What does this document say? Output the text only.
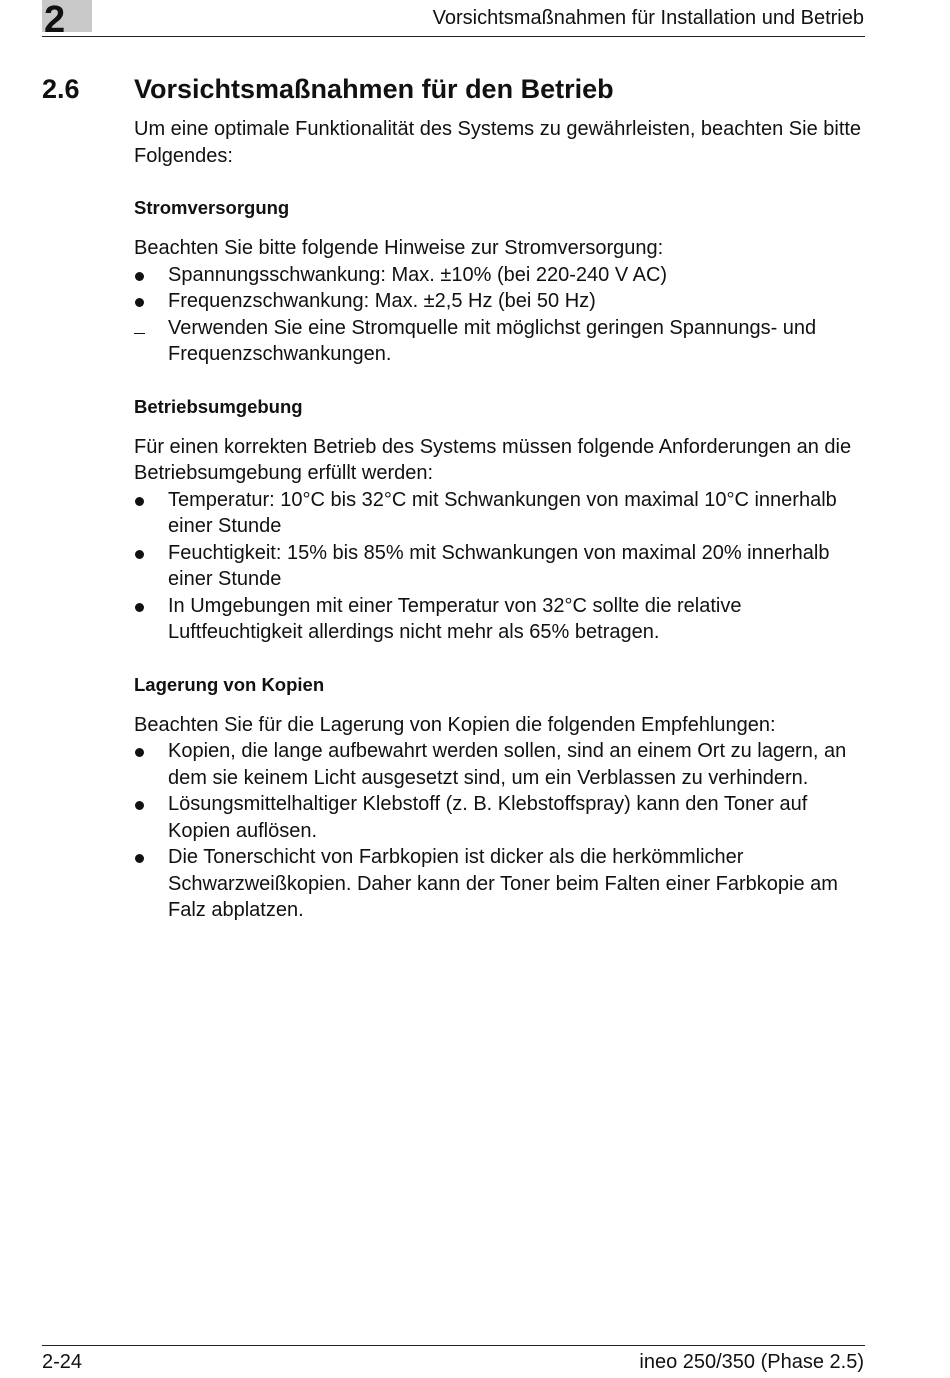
2	Vorsichtsmaßnahmen für Installation und Betrieb
2.6 Vorsichtsmaßnahmen für den Betrieb

Um eine optimale Funktionalität des Systems zu gewährleisten, beachten Sie bitte Folgendes:

Stromversorgung

Beachten Sie bitte folgende Hinweise zur Stromversorgung:

Spannungsschwankung: Max. ±10% (bei 220-240 V AC)
Frequenzschwankung: Max. ±2,5 Hz (bei 50 Hz)
Verwenden Sie eine Stromquelle mit möglichst geringen Spannungs- und Frequenzschwankungen.

Betriebsumgebung

Für einen korrekten Betrieb des Systems müssen folgende Anforderungen an die Betriebsumgebung erfüllt werden:

Temperatur: 10°C bis 32°C mit Schwankungen von maximal 10°C innerhalb einer Stunde
Feuchtigkeit: 15% bis 85% mit Schwankungen von maximal 20% innerhalb einer Stunde
In Umgebungen mit einer Temperatur von 32°C sollte die relative Luftfeuchtigkeit allerdings nicht mehr als 65% betragen.

Lagerung von Kopien

Beachten Sie für die Lagerung von Kopien die folgenden Empfehlungen:

Kopien, die lange aufbewahrt werden sollen, sind an einem Ort zu lagern, an dem sie keinem Licht ausgesetzt sind, um ein Verblassen zu verhindern.
Lösungsmittelhaltiger Klebstoff (z. B. Klebstoffspray) kann den Toner auf Kopien auflösen.
Die Tonerschicht von Farbkopien ist dicker als die herkömmlicher Schwarzweißkopien. Daher kann der Toner beim Falten einer Farbkopie am Falz abplatzen.
2-24	ineo 250/350 (Phase 2.5)
